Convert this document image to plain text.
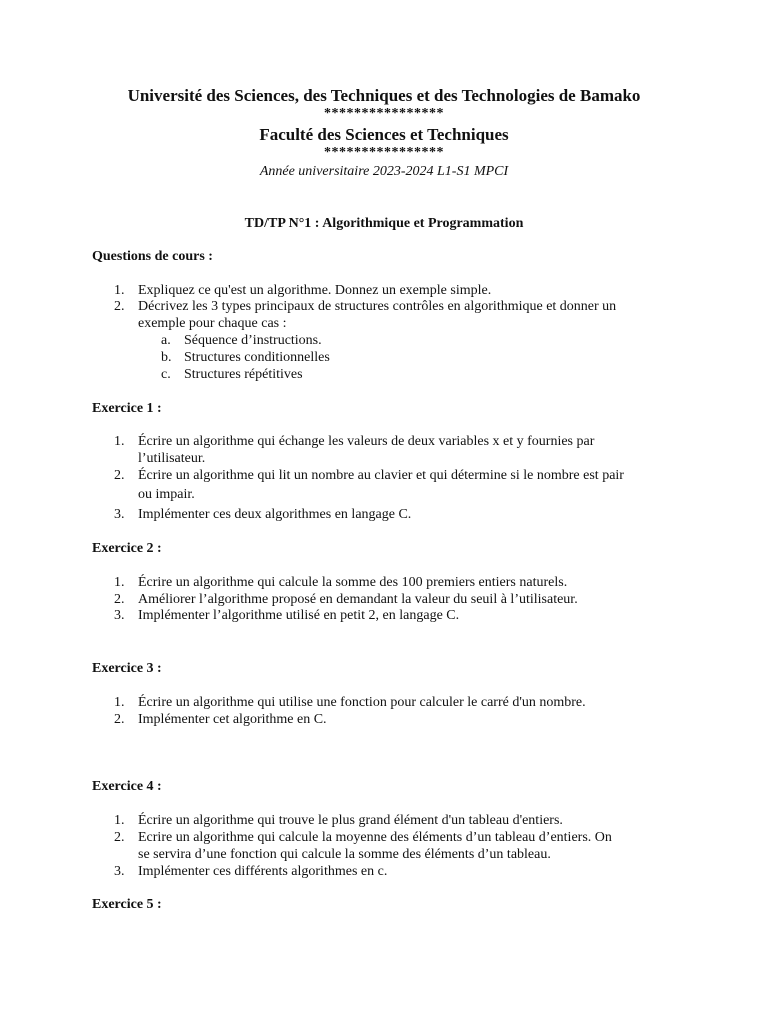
Université des Sciences, des Techniques et des Technologies de Bamako
****************
Faculté des Sciences et Techniques
****************
Année universitaire 2023-2024 L1-S1 MPCI
TD/TP N°1 : Algorithmique et Programmation
Questions de cours :
1. Expliquez ce qu'est un algorithme. Donnez un exemple simple.
2. Décrivez les 3 types principaux de structures contrôles en algorithmique et donner un
exemple pour chaque cas :
a. Séquence d’instructions.
b. Structures conditionnelles
c. Structures répétitives
Exercice 1 :
1. Écrire un algorithme qui échange les valeurs de deux variables x et y fournies par
l’utilisateur.
2. Écrire un algorithme qui lit un nombre au clavier et qui détermine si le nombre est pair
ou impair.
3. Implémenter ces deux algorithmes en langage C.
Exercice 2 :
1. Écrire un algorithme qui calcule la somme des 100 premiers entiers naturels.
2. Améliorer l’algorithme proposé en demandant la valeur du seuil à l’utilisateur.
3. Implémenter l’algorithme utilisé en petit 2, en langage C.
Exercice 3 :
1. Écrire un algorithme qui utilise une fonction pour calculer le carré d'un nombre.
2. Implémenter cet algorithme en C.
Exercice 4 :
1. Écrire un algorithme qui trouve le plus grand élément d'un tableau d'entiers.
2. Ecrire un algorithme qui calcule la moyenne des éléments d’un tableau d’entiers. On
se servira d’une fonction qui calcule la somme des éléments d’un tableau.
3. Implémenter ces différents algorithmes en c.
Exercice 5 :
